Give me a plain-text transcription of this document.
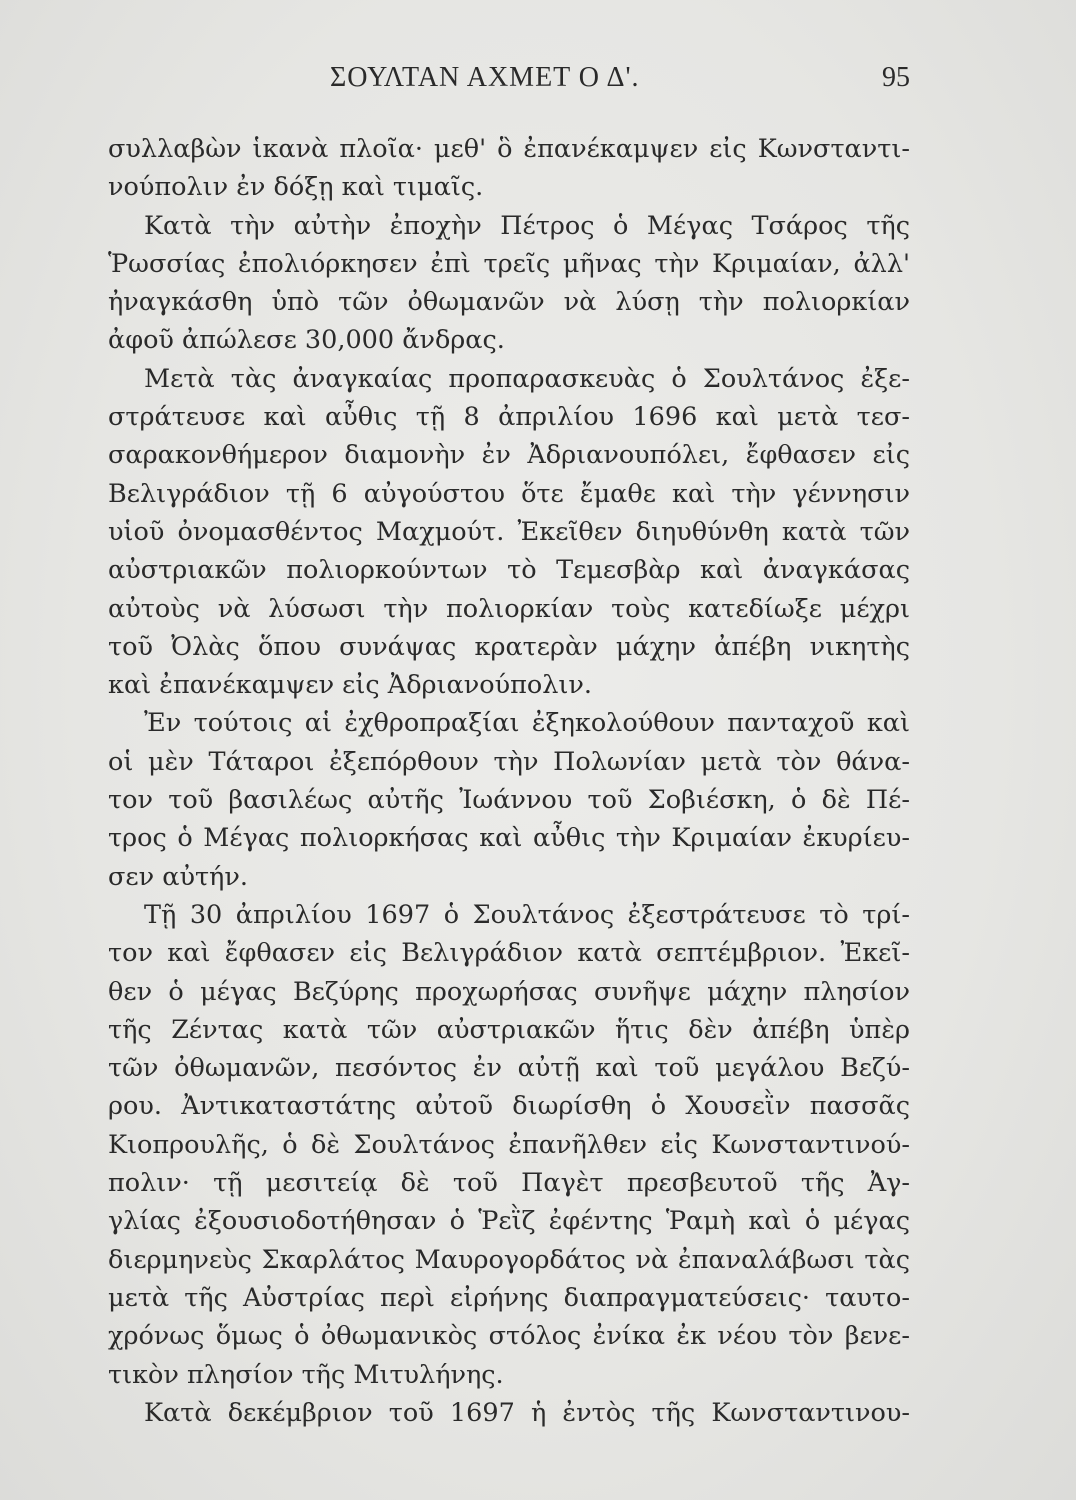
ΣΟΥΛΤΑΝ ΑΧΜΕΤ Ο Δ'.	95
συλλαβὼν ἱκανὰ πλοῖα· μεθ' ὃ ἐπανέκαμψεν εἰς Κωνσταντι-
νούπολιν ἐν δόξῃ καὶ τιμαῖς.
Κατὰ τὴν αὐτὴν ἐποχὴν Πέτρος ὁ Μέγας Τσάρος τῆς
Ῥωσσίας ἐπολιόρκησεν ἐπὶ τρεῖς μῆνας τὴν Κριμαίαν, ἀλλ'
ἠναγκάσθη ὑπὸ τῶν ὀθωμανῶν νὰ λύσῃ τὴν πολιορκίαν
ἀφοῦ ἀπώλεσε 30,000 ἄνδρας.
Μετὰ τὰς ἀναγκαίας προπαρασκευὰς ὁ Σουλτάνος ἐξε-
στράτευσε καὶ αὖθις τῇ 8 ἀπριλίου 1696 καὶ μετὰ τεσ-
σαρακονθήμερον διαμονὴν ἐν Ἀδριανουπόλει, ἔφθασεν εἰς
Βελιγράδιον τῇ 6 αὐγούστου ὅτε ἔμαθε καὶ τὴν γέννησιν
υἱοῦ ὀνομασθέντος Μαχμούτ. Ἐκεῖθεν διηυθύνθη κατὰ τῶν
αὐστριακῶν πολιορκούντων τὸ Τεμεσβὰρ καὶ ἀναγκάσας
αὐτοὺς νὰ λύσωσι τὴν πολιορκίαν τοὺς κατεδίωξε μέχρι
τοῦ Ὀλὰς ὅπου συνάψας κρατερὰν μάχην ἀπέβη νικητὴς
καὶ ἐπανέκαμψεν εἰς Ἀδριανούπολιν.
Ἐν τούτοις αἱ ἐχθροπραξίαι ἐξηκολούθουν πανταχοῦ καὶ
οἱ μὲν Τάταροι ἐξεπόρθουν τὴν Πολωνίαν μετὰ τὸν θάνα-
τον τοῦ βασιλέως αὐτῆς Ἰωάννου τοῦ Σοβιέσκη, ὁ δὲ Πέ-
τρος ὁ Μέγας πολιορκήσας καὶ αὖθις τὴν Κριμαίαν ἐκυρίευ-
σεν αὐτήν.
Τῇ 30 ἀπριλίου 1697 ὁ Σουλτάνος ἐξεστράτευσε τὸ τρί-
τον καὶ ἔφθασεν εἰς Βελιγράδιον κατὰ σεπτέμβριον. Ἐκεῖ-
θεν ὁ μέγας Βεζύρης προχωρήσας συνῆψε μάχην πλησίον
τῆς Ζέντας κατὰ τῶν αὐστριακῶν ἥτις δὲν ἀπέβη ὑπὲρ
τῶν ὀθωμανῶν, πεσόντος ἐν αὐτῇ καὶ τοῦ μεγάλου Βεζύ-
ρου. Ἀντικαταστάτης αὐτοῦ διωρίσθη ὁ Χουσεῒν πασσᾶς
Κιοπρουλῆς, ὁ δὲ Σουλτάνος ἐπανῆλθεν εἰς Κωνσταντινού-
πολιν· τῇ μεσιτείᾳ δὲ τοῦ Παγὲτ πρεσβευτοῦ τῆς Ἀγ-
γλίας ἐξουσιοδοτήθησαν ὁ Ῥεῒζ ἐφέντης Ῥαμὴ καὶ ὁ μέγας
διερμηνεὺς Σκαρλάτος Μαυρογορδάτος νὰ ἐπαναλάβωσι τὰς
μετὰ τῆς Αὐστρίας περὶ εἰρήνης διαπραγματεύσεις· ταυτο-
χρόνως ὅμως ὁ ὀθωμανικὸς στόλος ἐνίκα ἐκ νέου τὸν βενε-
τικὸν πλησίον τῆς Μιτυλήνης.
Κατὰ δεκέμβριον τοῦ 1697 ἡ ἐντὸς τῆς Κωνσταντινου-
